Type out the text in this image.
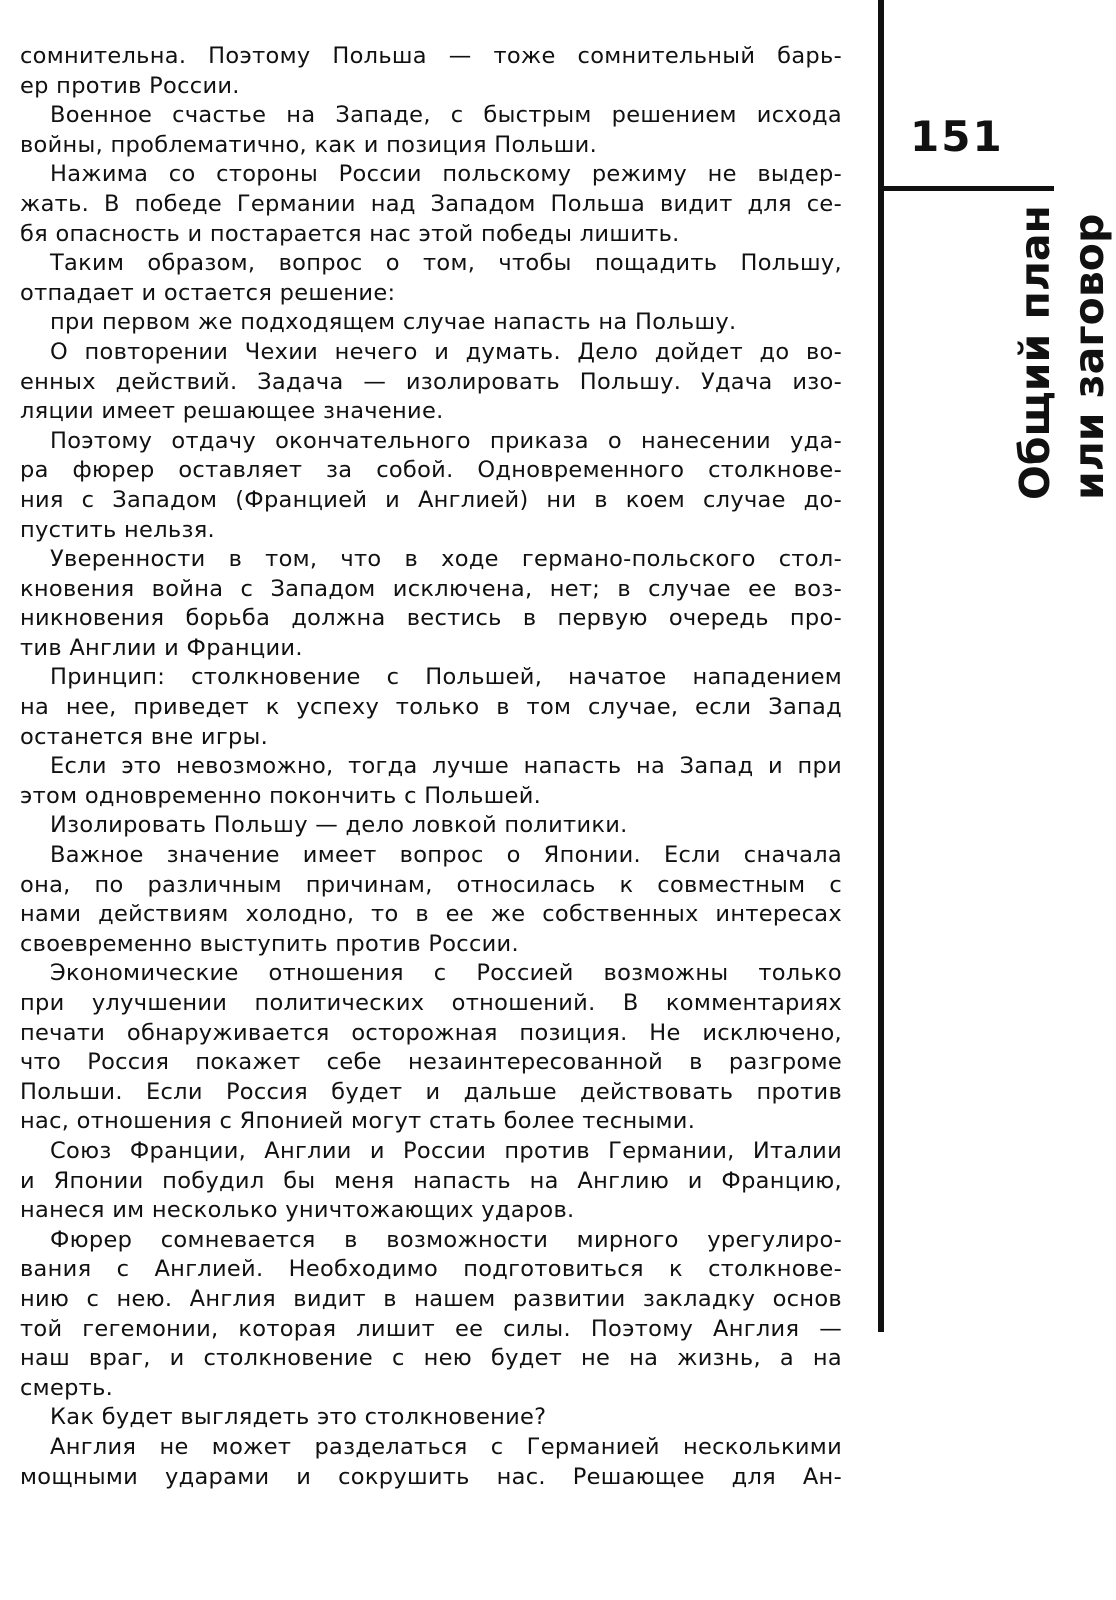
сомнительна. Поэтому Польша — тоже сомнительный барь-
ер против России.
Военное счастье на Западе, с быстрым решением исхода
войны, проблематично, как и позиция Польши.
Нажима со стороны России польскому режиму не выдер-
жать. В победе Германии над Западом Польша видит для се-
бя опасность и постарается нас этой победы лишить.
Таким образом, вопрос о том, чтобы пощадить Польшу,
отпадает и остается решение:
при первом же подходящем случае напасть на Польшу.
О повторении Чехии нечего и думать. Дело дойдет до во-
енных действий. Задача — изолировать Польшу. Удача изо-
ляции имеет решающее значение.
Поэтому отдачу окончательного приказа о нанесении уда-
ра фюрер оставляет за собой. Одновременного столкнове-
ния с Западом (Францией и Англией) ни в коем случае до-
пустить нельзя.
Уверенности в том, что в ходе германо-польского стол-
кновения война с Западом исключена, нет; в случае ее воз-
никновения борьба должна вестись в первую очередь про-
тив Англии и Франции.
Принцип: столкновение с Польшей, начатое нападением
на нее, приведет к успеху только в том случае, если Запад
останется вне игры.
Если это невозможно, тогда лучше напасть на Запад и при
этом одновременно покончить с Польшей.
Изолировать Польшу — дело ловкой политики.
Важное значение имеет вопрос о Японии. Если сначала
она, по различным причинам, относилась к совместным с
нами действиям холодно, то в ее же собственных интересах
своевременно выступить против России.
Экономические отношения с Россией возможны только
при улучшении политических отношений. В комментариях
печати обнаруживается осторожная позиция. Не исключено,
что Россия покажет себе незаинтересованной в разгроме
Польши. Если Россия будет и дальше действовать против
нас, отношения с Японией могут стать более тесными.
Союз Франции, Англии и России против Германии, Италии
и Японии побудил бы меня напасть на Англию и Францию,
нанеся им несколько уничтожающих ударов.
Фюрер сомневается в возможности мирного урегулиро-
вания с Англией. Необходимо подготовиться к столкнове-
нию с нею. Англия видит в нашем развитии закладку основ
той гегемонии, которая лишит ее силы. Поэтому Англия —
наш враг, и столкновение с нею будет не на жизнь, а на
смерть.
Как будет выглядеть это столкновение?
Англия не может разделаться с Германией несколькими
мощными ударами и сокрушить нас. Решающее для Ан-
151
Общий план или заговор
